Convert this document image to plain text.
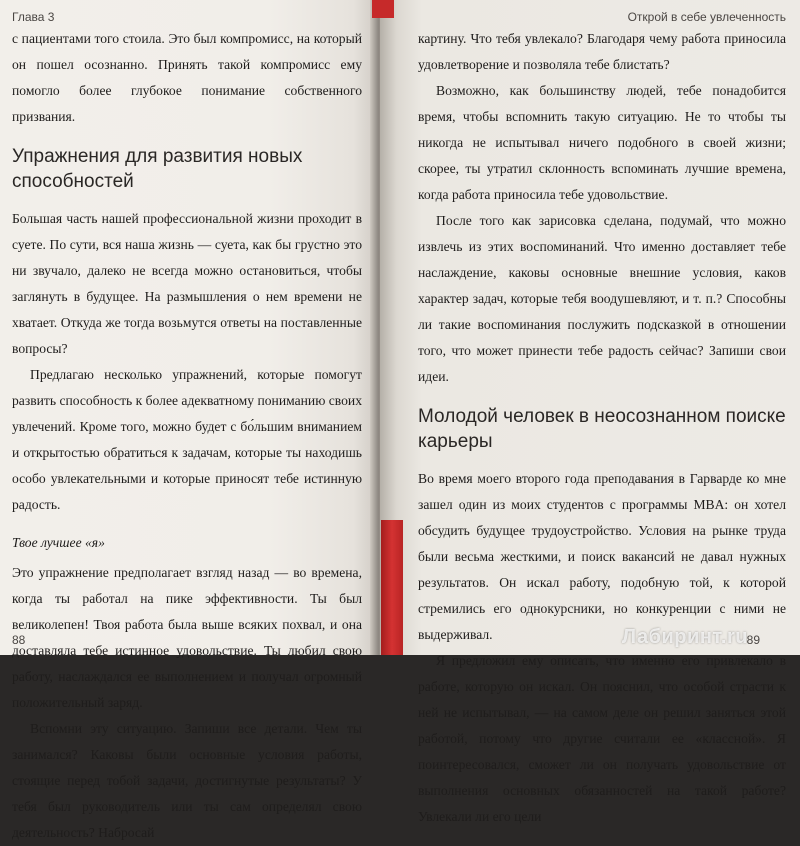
Глава 3

с пациентами того стоила. Это был компромисс, на который он пошел осознанно. Принять такой компромисс ему помогло более глубокое понимание собственного призвания.

Упражнения для развития новых способностей

Большая часть нашей профессиональной жизни проходит в суете. По сути, вся наша жизнь — суета, как бы грустно это ни звучало, далеко не всегда можно остановиться, чтобы заглянуть в будущее. На размышления о нем времени не хватает. Откуда же тогда возьмутся ответы на поставленные вопросы?

Предлагаю несколько упражнений, которые помогут развить способность к более адекватному пониманию своих увлечений. Кроме того, можно будет с бо́льшим вниманием и открытостью обратиться к задачам, которые ты находишь особо увлекательными и которые приносят тебе истинную радость.

Твое лучшее «я»

Это упражнение предполагает взгляд назад — во времена, когда ты работал на пике эффективности. Ты был великолепен! Твоя работа была выше всяких похвал, и она доставляла тебе истинное удовольствие. Ты любил свою работу, наслаждался ее выполнением и получал огромный положительный заряд.

Вспомни эту ситуацию. Запиши все детали. Чем ты занимался? Каковы были основные условия работы, стоящие перед тобой задачи, достигнутые результаты? У тебя был руководитель или ты сам определял свою деятельность? Набросай

88
Открой в себе увлеченность

картину. Что тебя увлекало? Благодаря чему работа приносила удовлетворение и позволяла тебе блистать?

Возможно, как большинству людей, тебе понадобится время, чтобы вспомнить такую ситуацию. Не то чтобы ты никогда не испытывал ничего подобного в своей жизни; скорее, ты утратил склонность вспоминать лучшие времена, когда работа приносила тебе удовольствие.

После того как зарисовка сделана, подумай, что можно извлечь из этих воспоминаний. Что именно доставляет тебе наслаждение, каковы основные внешние условия, каков характер задач, которые тебя воодушевляют, и т. п.? Способны ли такие воспоминания послужить подсказкой в отношении того, что может принести тебе радость сейчас? Запиши свои идеи.

Молодой человек в неосознанном поиске карьеры

Во время моего второго года преподавания в Гарварде ко мне зашел один из моих студентов с программы MBA: он хотел обсудить будущее трудоустройство. Условия на рынке труда были весьма жесткими, и поиск вакансий не давал нужных результатов. Он искал работу, подобную той, к которой стремились его однокурсники, но конкуренции с ними не выдерживал.

Я предложил ему описать, что именно его привлекало в работе, которую он искал. Он пояснил, что особой страсти к ней не испытывал, — на самом деле он решил заняться этой работой, потому что другие считали ее «классной». Я поинтересовался, сможет ли он получать удовольствие от выполнения основных обязанностей на такой работе? Увлекали ли его цели

89
Лабиринт.ru
